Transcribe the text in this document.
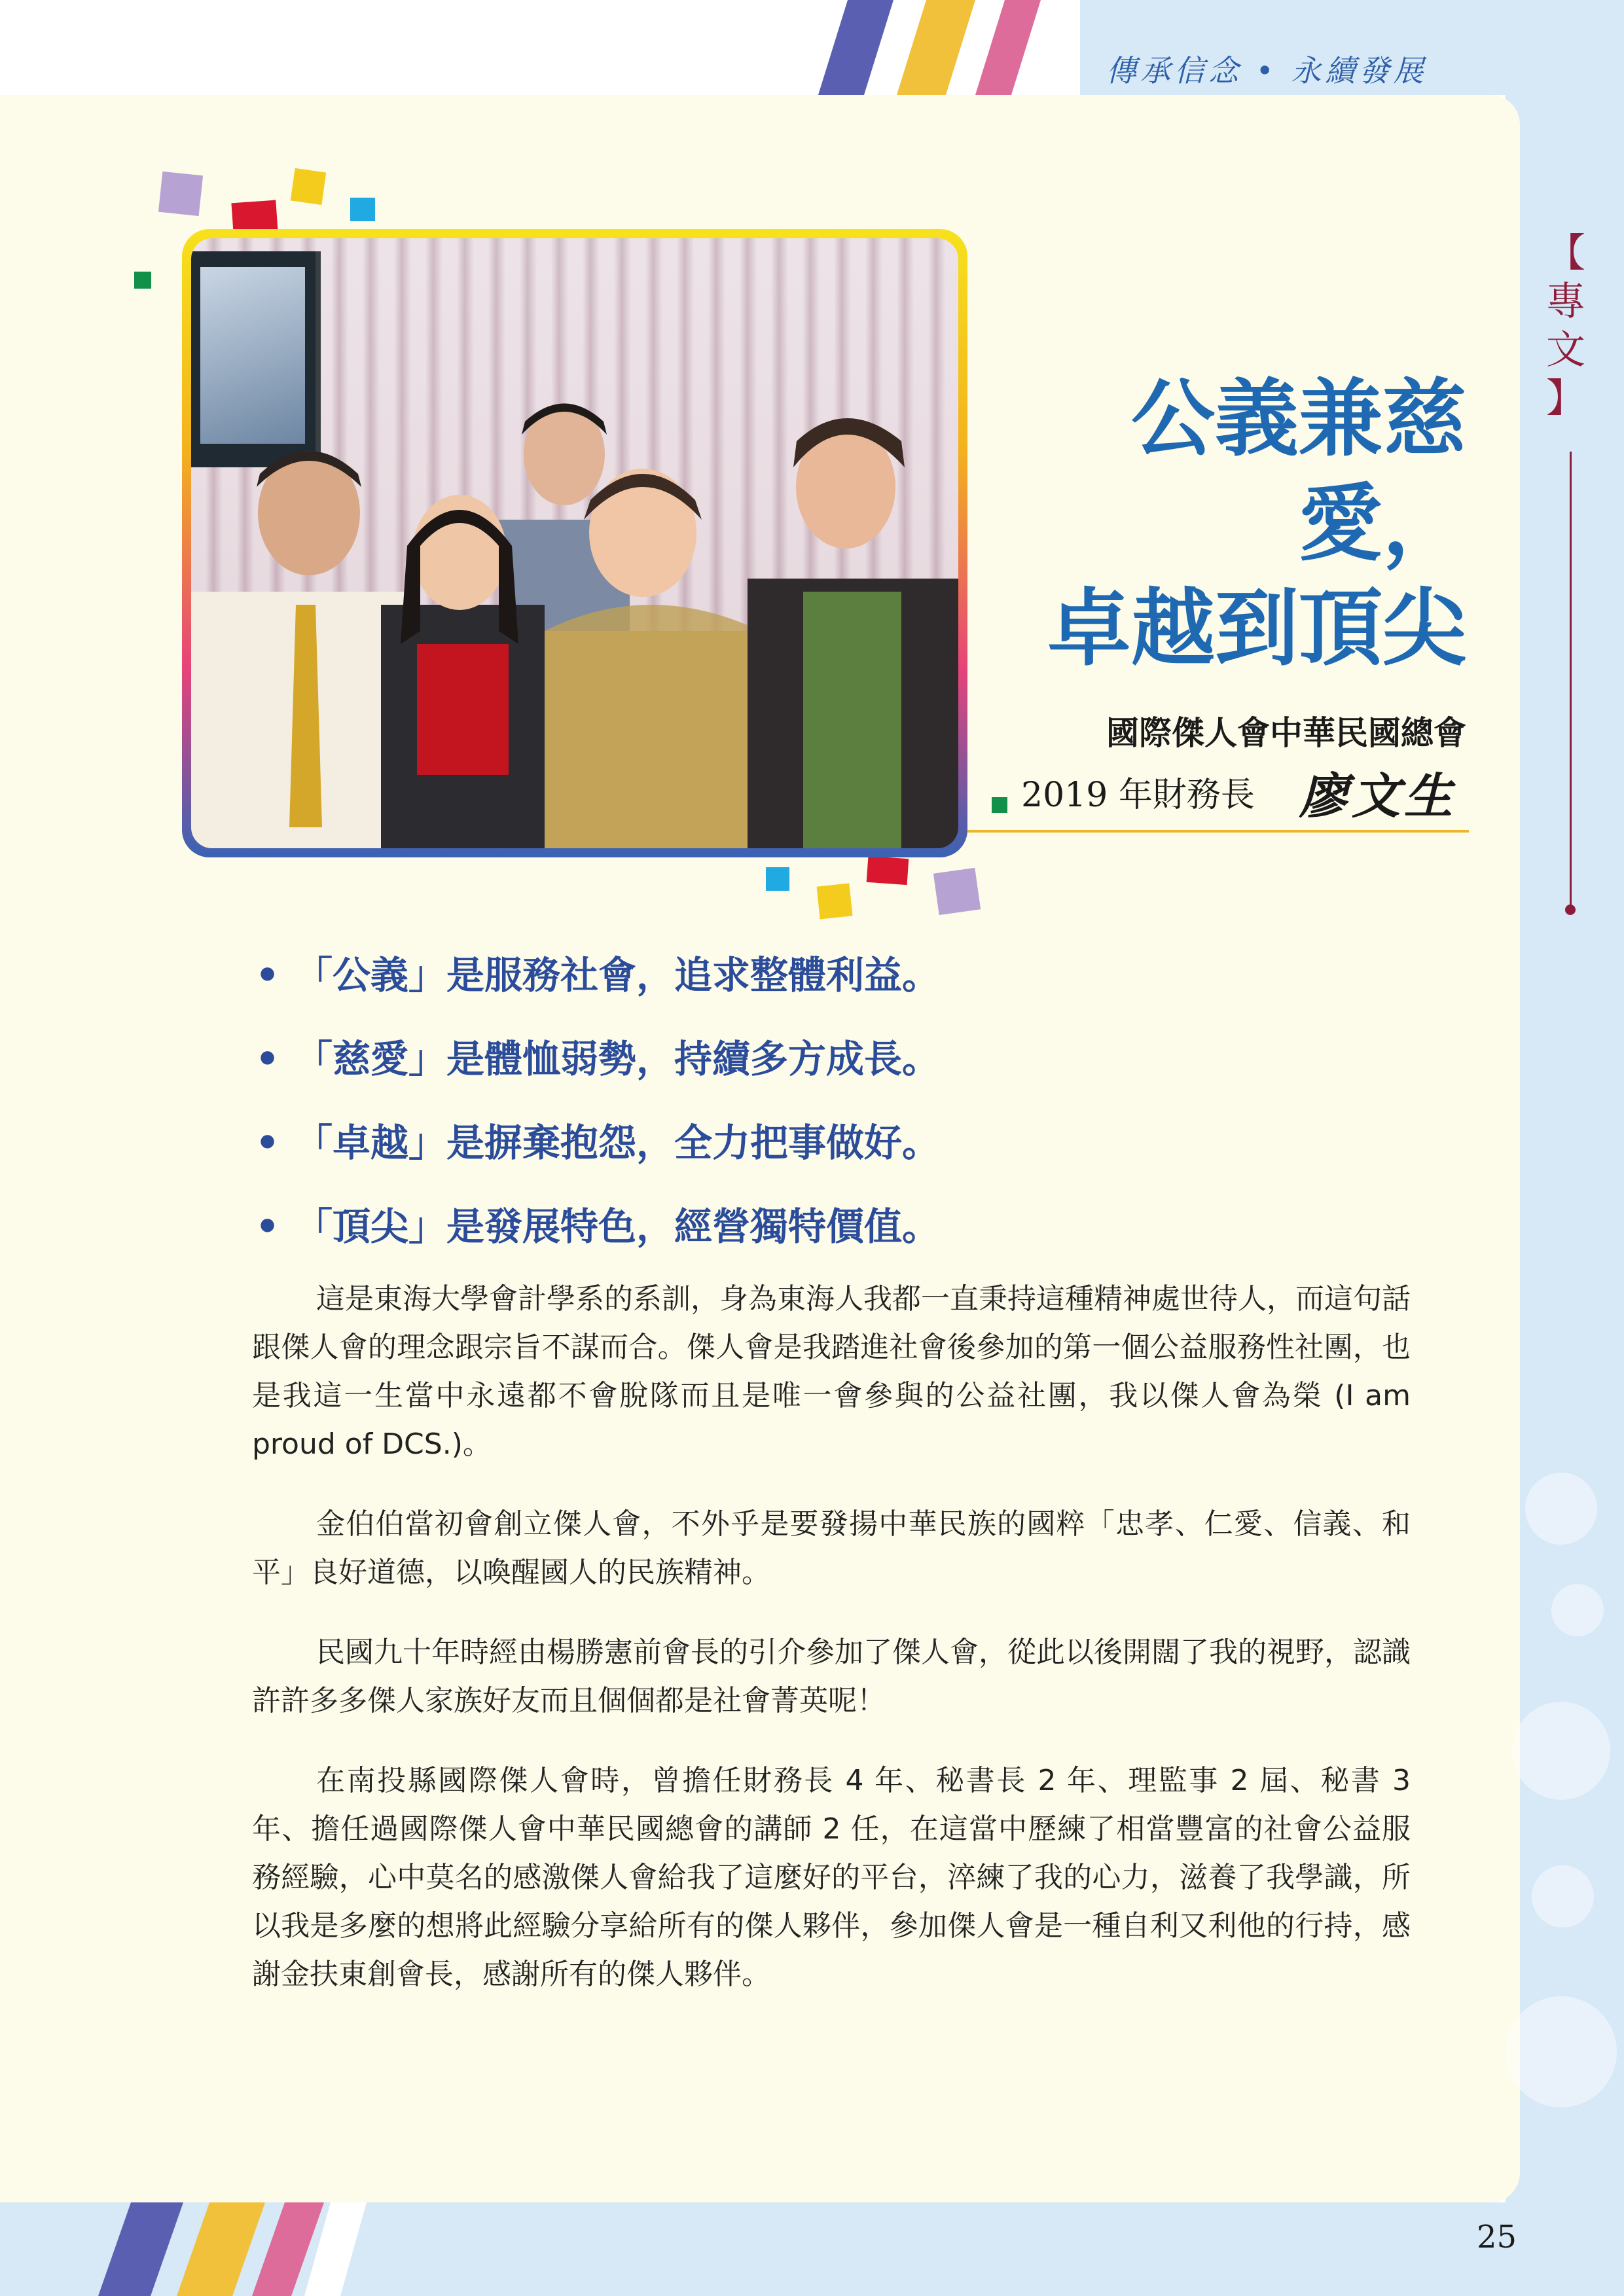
傳承信念 • 永續發展
【
專
文
】
公義兼慈愛，
卓越到頂尖
國際傑人會中華民國總會
2019 年財務長 廖文生
• 「公義」是服務社會，追求整體利益。
• 「慈愛」是體恤弱勢，持續多方成長。
• 「卓越」是摒棄抱怨，全力把事做好。
• 「頂尖」是發展特色，經營獨特價值。

這是東海大學會計學系的系訓，身為東海人我都一直秉持這種精神處世待人，而這句話跟傑人會的理念跟宗旨不謀而合。傑人會是我踏進社會後參加的第一個公益服務性社團，也是我這一生當中永遠都不會脫隊而且是唯一會參與的公益社團，我以傑人會為榮 (I am proud of DCS.)。

金伯伯當初會創立傑人會，不外乎是要發揚中華民族的國粹「忠孝、仁愛、信義、和平」良好道德，以喚醒國人的民族精神。

民國九十年時經由楊勝憲前會長的引介參加了傑人會，從此以後開闊了我的視野，認識許許多多傑人家族好友而且個個都是社會菁英呢！

在南投縣國際傑人會時，曾擔任財務長 4 年、秘書長 2 年、理監事 2 屆、秘書 3 年、擔任過國際傑人會中華民國總會的講師 2 任，在這當中歷練了相當豐富的社會公益服務經驗，心中莫名的感激傑人會給我了這麼好的平台，淬練了我的心力，滋養了我學識，所以我是多麼的想將此經驗分享給所有的傑人夥伴，參加傑人會是一種自利又利他的行持，感謝金扶東創會長，感謝所有的傑人夥伴。

25
